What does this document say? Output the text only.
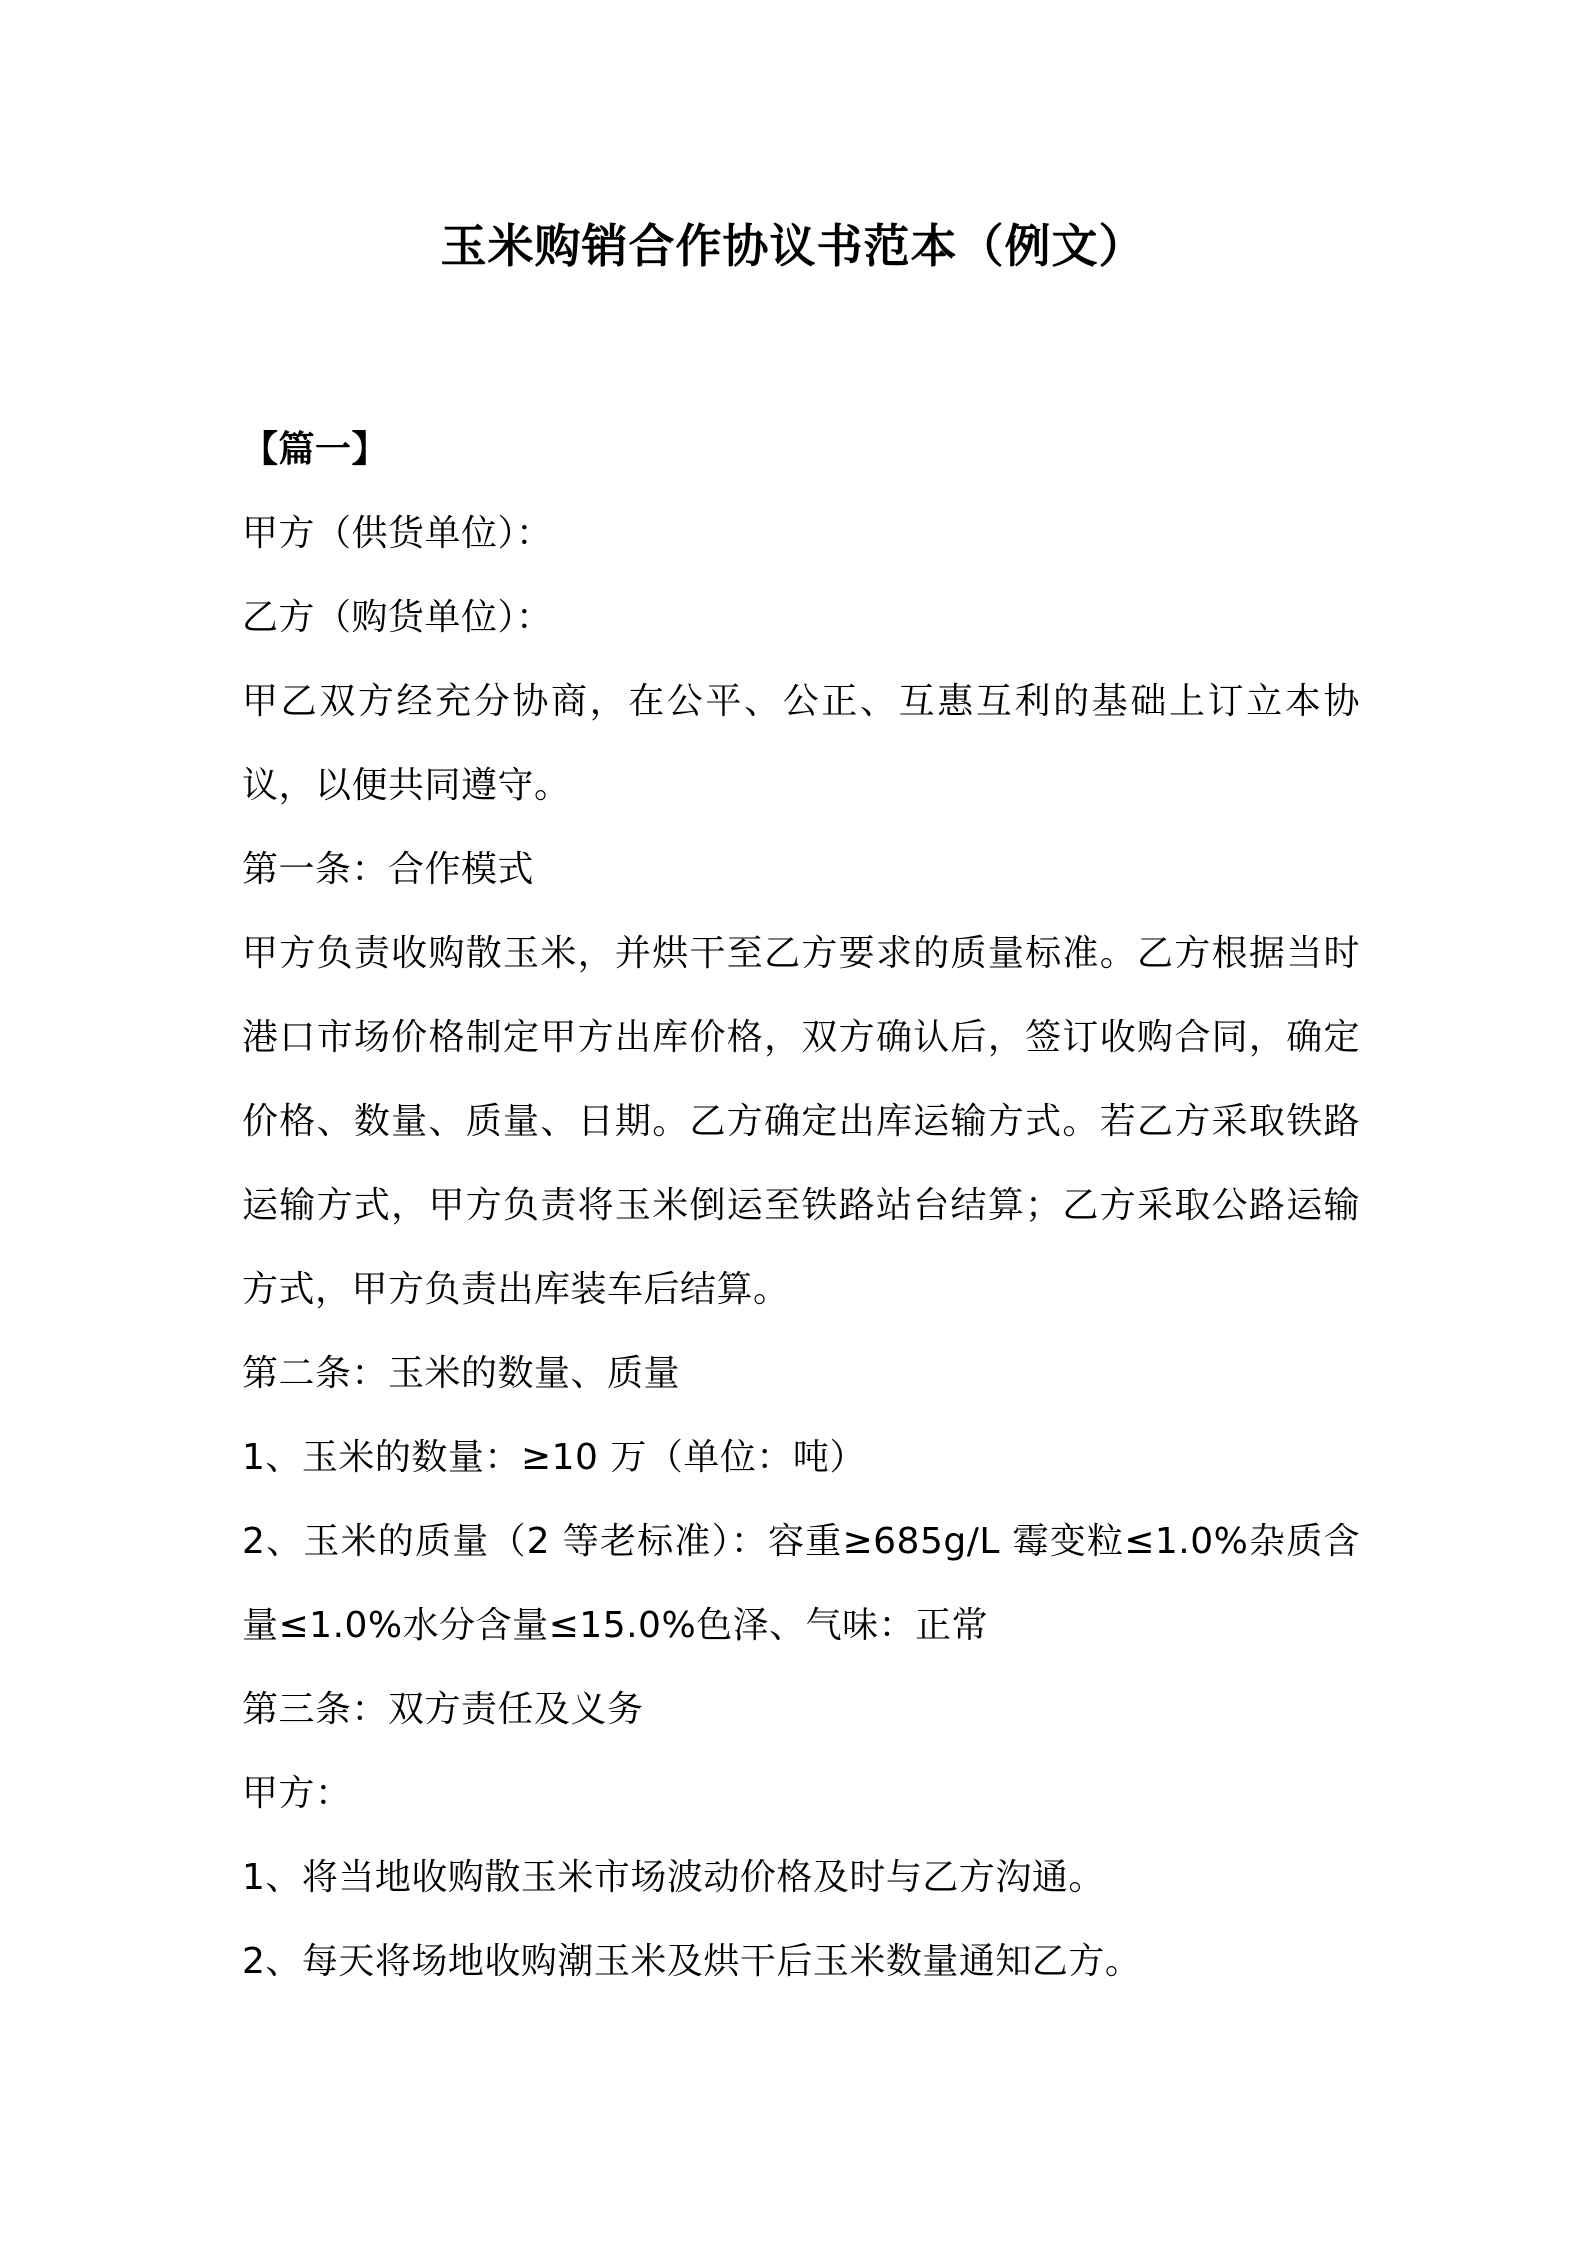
玉米购销合作协议书范本（例文）

【篇一】

甲方（供货单位）：

乙方（购货单位）：

甲乙双方经充分协商，在公平、公正、互惠互利的基础上订立本协议，以便共同遵守。

第一条：合作模式

甲方负责收购散玉米，并烘干至乙方要求的质量标准。乙方根据当时港口市场价格制定甲方出库价格，双方确认后，签订收购合同，确定价格、数量、质量、日期。乙方确定出库运输方式。若乙方采取铁路运输方式，甲方负责将玉米倒运至铁路站台结算；乙方采取公路运输方式，甲方负责出库装车后结算。

第二条：玉米的数量、质量

1、玉米的数量：≥10 万（单位：吨）

2、玉米的质量（2 等老标准）：容重≥685g/L 霉变粒≤1.0%杂质含量≤1.0%水分含量≤15.0%色泽、气味：正常

第三条：双方责任及义务

甲方：

1、将当地收购散玉米市场波动价格及时与乙方沟通。

2、每天将场地收购潮玉米及烘干后玉米数量通知乙方。
